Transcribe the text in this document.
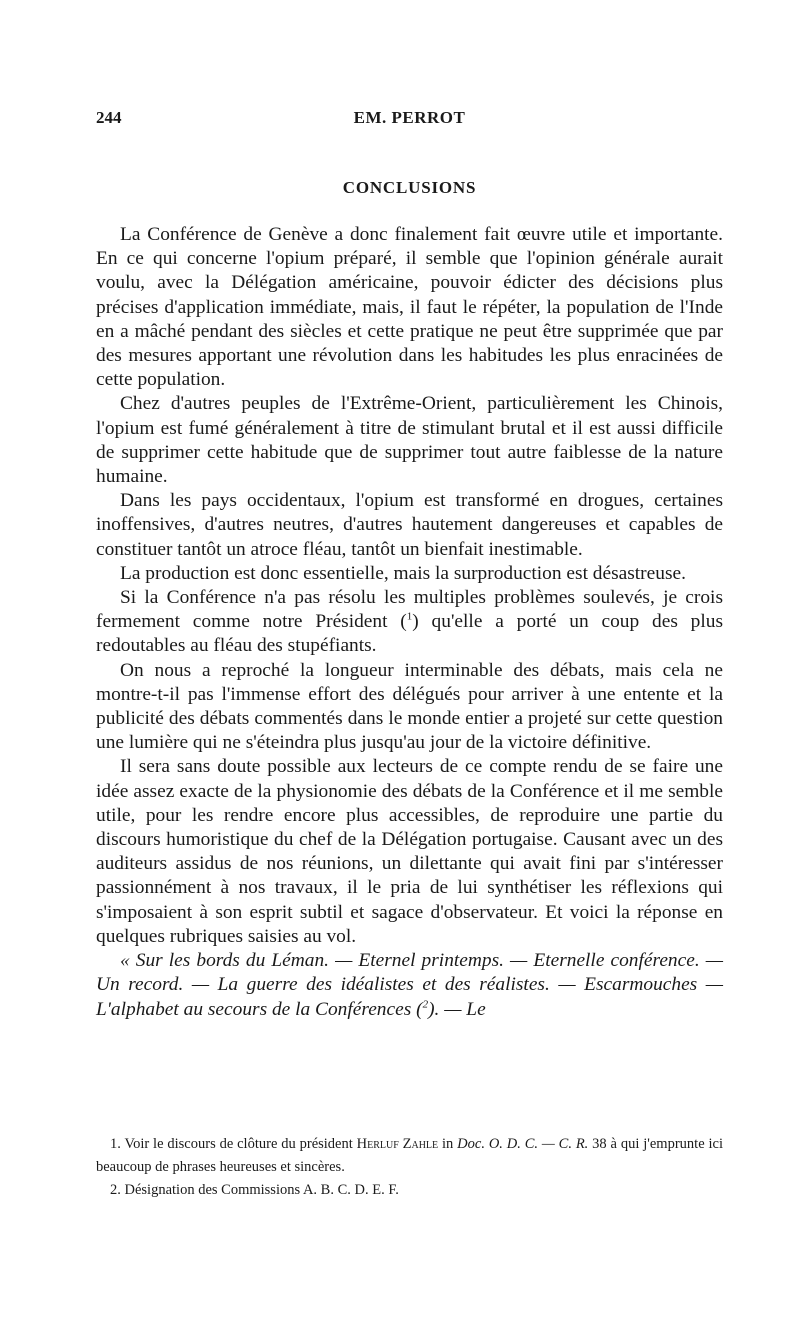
244	EM. PERROT
CONCLUSIONS

La Conférence de Genève a donc finalement fait œuvre utile et importante. En ce qui concerne l'opium préparé, il semble que l'opinion générale aurait voulu, avec la Délégation américaine, pouvoir édicter des décisions plus précises d'application immédiate, mais, il faut le répéter, la population de l'Inde en a mâché pendant des siècles et cette pratique ne peut être supprimée que par des mesures apportant une révolution dans les habitudes les plus enracinées de cette population.

Chez d'autres peuples de l'Extrême-Orient, particulièrement les Chinois, l'opium est fumé généralement à titre de stimulant brutal et il est aussi difficile de supprimer cette habitude que de supprimer tout autre faiblesse de la nature humaine.

Dans les pays occidentaux, l'opium est transformé en drogues, certaines inoffensives, d'autres neutres, d'autres hautement dangereuses et capables de constituer tantôt un atroce fléau, tantôt un bienfait inestimable.

La production est donc essentielle, mais la surproduction est désastreuse.

Si la Conférence n'a pas résolu les multiples problèmes soulevés, je crois fermement comme notre Président ($^1$) qu'elle a porté un coup des plus redoutables au fléau des stupéfiants.

On nous a reproché la longueur interminable des débats, mais cela ne montre-t-il pas l'immense effort des délégués pour arriver à une entente et la publicité des débats commentés dans le monde entier a projeté sur cette question une lumière qui ne s'éteindra plus jusqu'au jour de la victoire définitive.

Il sera sans doute possible aux lecteurs de ce compte rendu de se faire une idée assez exacte de la physionomie des débats de la Conférence et il me semble utile, pour les rendre encore plus accessibles, de reproduire une partie du discours humoristique du chef de la Délégation portugaise. Causant avec un des auditeurs assidus de nos réunions, un dilettante qui avait fini par s'intéresser passionnément à nos travaux, il le pria de lui synthétiser les réflexions qui s'imposaient à son esprit subtil et sagace d'observateur. Et voici la réponse en quelques rubriques saisies au vol.

« Sur les bords du Léman. — Eternel printemps. — Eternelle conférence. — Un record. — La guerre des idéalistes et des réalistes. — Escarmouches — L'alphabet au secours de la Conférences ($^2$). — Le

1. Voir le discours de clôture du président Herluf Zahle in Doc. O. D. C. — C. R. 38 à qui j'emprunte ici beaucoup de phrases heureuses et sincères.

2. Désignation des Commissions A. B. C. D. E. F.
